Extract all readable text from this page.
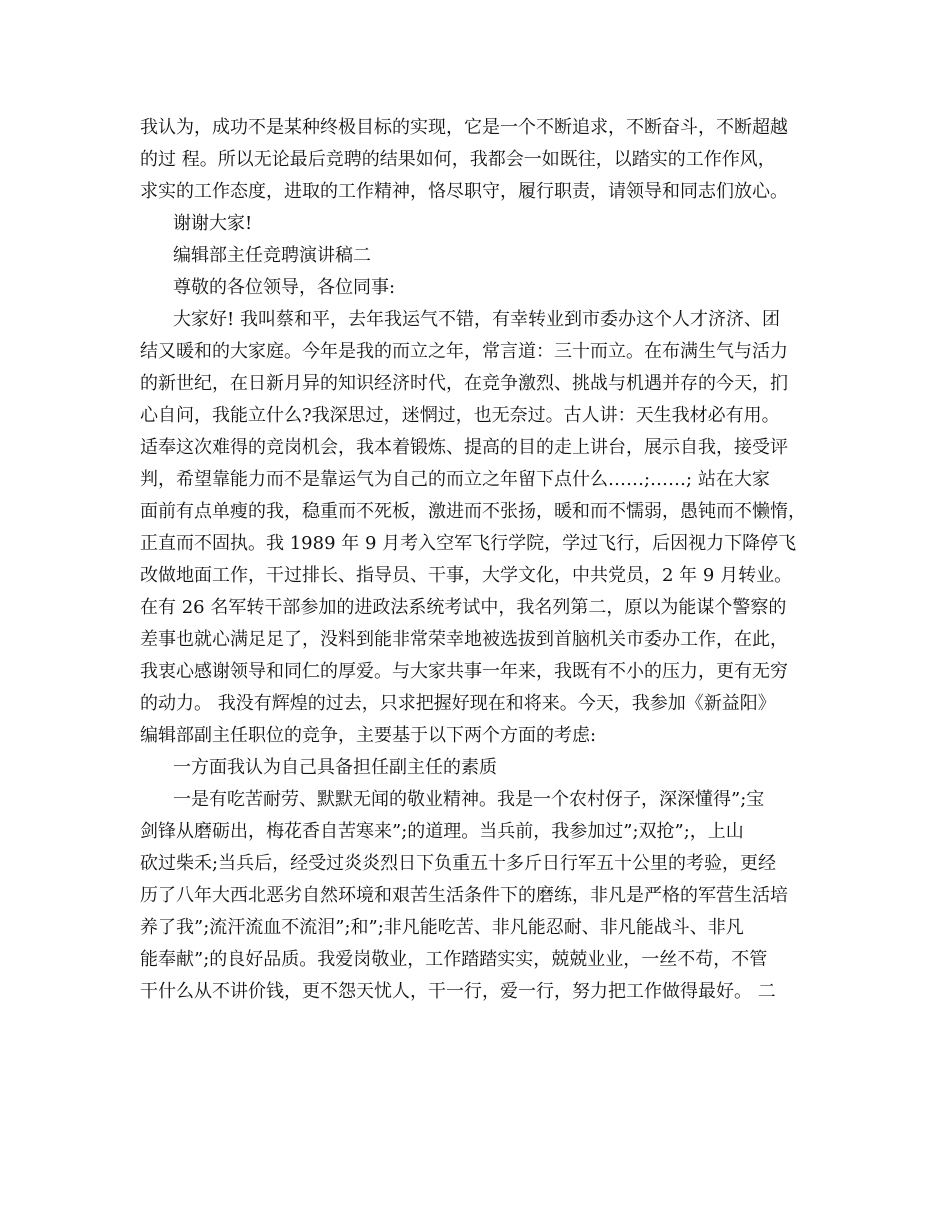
我认为，成功不是某种终极目标的实现，它是一个不断追求，不断奋斗，不断超越
的过 程。所以无论最后竞聘的结果如何，我都会一如既往，以踏实的工作作风，
求实的工作态度，进取的工作精神，恪尽职守，履行职责，请领导和同志们放心。
谢谢大家!
编辑部主任竞聘演讲稿二
尊敬的各位领导，各位同事:
大家好! 我叫蔡和平，去年我运气不错，有幸转业到市委办这个人才济济、团
结又暖和的大家庭。今年是我的而立之年，常言道：三十而立。在布满生气与活力
的新世纪，在日新月异的知识经济时代，在竞争激烈、挑战与机遇并存的今天，扪
心自问，我能立什么?我深思过，迷惘过，也无奈过。古人讲：天生我材必有用。
适奉这次难得的竞岗机会，我本着锻炼、提高的目的走上讲台，展示自我，接受评
判，希望靠能力而不是靠运气为自己的而立之年留下点什么……;……; 站在大家
面前有点单瘦的我，稳重而不死板，激进而不张扬，暖和而不懦弱，愚钝而不懒惰，
正直而不固执。我 1989 年 9 月考入空军飞行学院，学过飞行，后因视力下降停飞
改做地面工作，干过排长、指导员、干事，大学文化，中共党员，2 年 9 月转业。
在有 26 名军转干部参加的进政法系统考试中，我名列第二，原以为能谋个警察的
差事也就心满足足了，没料到能非常荣幸地被选拔到首脑机关市委办工作，在此，
我衷心感谢领导和同仁的厚爱。与大家共事一年来，我既有不小的压力，更有无穷
的动力。 我没有辉煌的过去，只求把握好现在和将来。今天，我参加《新益阳》
编辑部副主任职位的竞争，主要基于以下两个方面的考虑:
一方面我认为自己具备担任副主任的素质
一是有吃苦耐劳、默默无闻的敬业精神。我是一个农村伢子，深深懂得”;宝
剑锋从磨砺出，梅花香自苦寒来”;的道理。当兵前，我参加过”;双抢”;，上山
砍过柴禾;当兵后，经受过炎炎烈日下负重五十多斤日行军五十公里的考验，更经
历了八年大西北恶劣自然环境和艰苦生活条件下的磨练，非凡是严格的军营生活培
养了我”;流汗流血不流泪”;和”;非凡能吃苦、非凡能忍耐、非凡能战斗、非凡
能奉献”;的良好品质。我爱岗敬业，工作踏踏实实，兢兢业业，一丝不苟，不管
干什么从不讲价钱，更不怨天忧人，干一行，爱一行，努力把工作做得最好。 二
